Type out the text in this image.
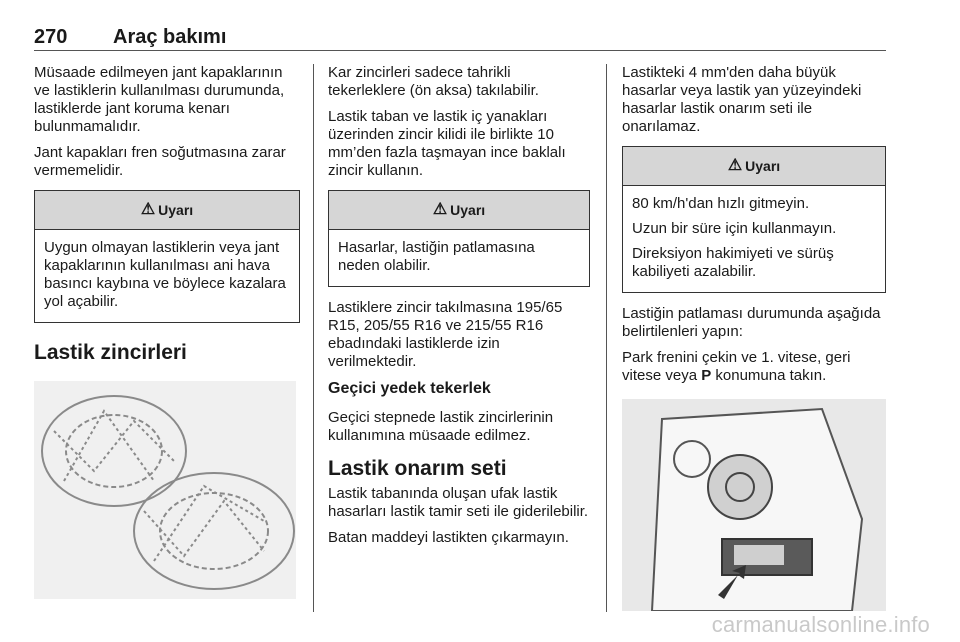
270 Araç bakımı

Müsaade edilmeyen jant kapaklarının ve lastiklerin kullanılması durumunda, lastiklerde jant koruma kenarı bulunmamalıdır.

Jant kapakları fren soğutmasına zarar vermemelidir.

⚠ Uyarı

Uygun olmayan lastiklerin veya jant kapaklarının kullanılması ani hava basıncı kaybına ve böylece kazalara yol açabilir.

Lastik zincirleri

Kar zincirleri sadece tahrikli tekerleklere (ön aksa) takılabilir.

Lastik taban ve lastik iç yanakları üzerinden zincir kilidi ile birlikte 10 mm’den fazla taşmayan ince baklalı zincir kullanın.

⚠ Uyarı

Hasarlar, lastiğin patlamasına neden olabilir.

Lastiklere zincir takılmasına 195/65 R15, 205/55 R16 ve 215/55 R16 ebadındaki lastiklerde izin verilmektedir.

Geçici yedek tekerlek

Geçici stepnede lastik zincirlerinin kullanımına müsaade edilmez.

Lastik onarım seti

Lastik tabanında oluşan ufak lastik hasarları lastik tamir seti ile giderilebilir.

Batan maddeyi lastikten çıkarmayın.

Lastikteki 4 mm'den daha büyük hasarlar veya lastik yan yüzeyindeki hasarlar lastik onarım seti ile onarılamaz.

⚠ Uyarı

80 km/h'dan hızlı gitmeyin.

Uzun bir süre için kullanmayın.

Direksiyon hakimiyeti ve sürüş kabiliyeti azalabilir.

Lastiğin patlaması durumunda aşağıda belirtilenleri yapın:

Park frenini çekin ve 1. vitese, geri vitese veya P konumuna takın.

carmanualsonline.info
